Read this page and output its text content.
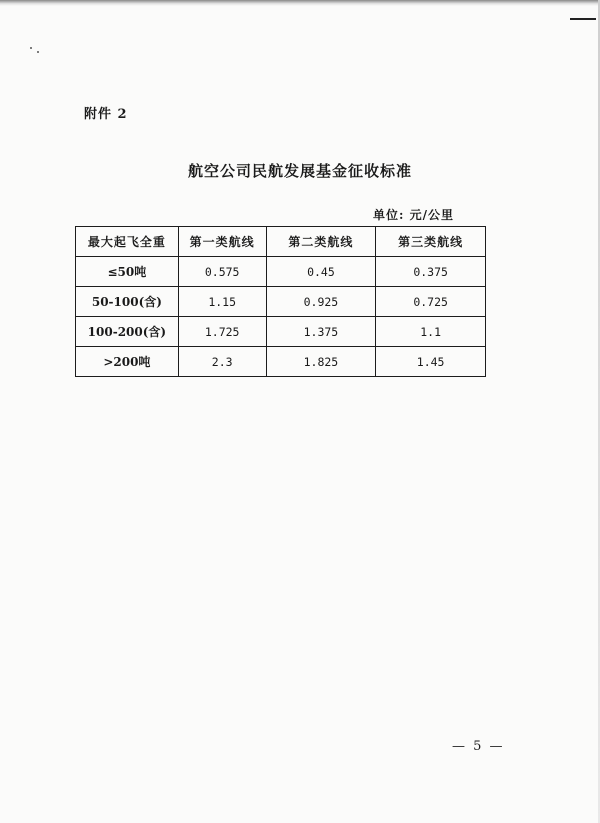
附件 2
航空公司民航发展基金征收标准
单位: 元/公里
最大起飞全重	第一类航线	第二类航线	第三类航线
≤50吨	0.575	0.45	0.375
50-100(含)	1.15	0.925	0.725
100-200(含)	1.725	1.375	1.1
>200吨	2.3	1.825	1.45
— 5 —
